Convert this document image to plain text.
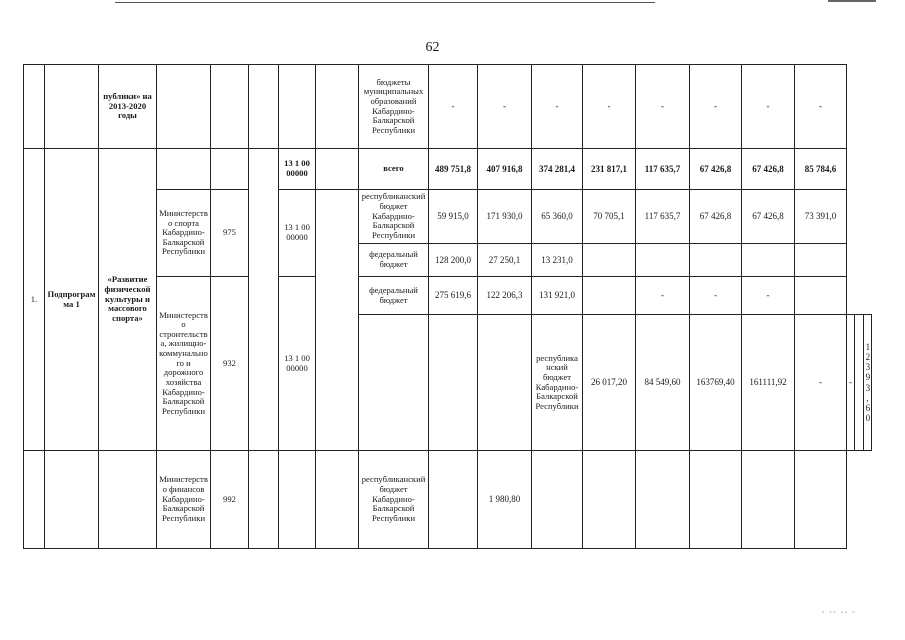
62
		публики» на 2013-2020 годы						бюджеты муниципальных образований Кабардино-Балкарской Республики	-	-	-	-	-	-	-	-			
1.	Подпрограмма 1	«Развитие физической культуры и массового спорта»				13 1 00 00000		всего	489 751,8	407 916,8	374 281,4	231 817,1	117 635,7	67 426,8	67 426,8	85 784,6			
			Министерство спорта Кабардино-Балкарской Республики	975		13 1 00 00000		республиканский бюджет Кабардино-Балкарской Республики	59 915,0	171 930,0	65 360,0	70 705,1	117 635,7	67 426,8	67 426,8	73 391,0			
								федеральный бюджет	128 200,0	27 250,1	13 231,0								
			Министерство строительства, жилищно-коммунального и дорожного хозяйства Кабардино-Балкарской Республики	932		13 1 00 00000		федеральный бюджет	275 619,6	122 206,3	131 921,0		-	-	-				
											республиканский бюджет Кабардино-Балкарской Республики	26 017,20	84 549,60	163769,40	161111,92	-	-		12 393,60
			Министерство финансов Кабардино-Балкарской Республики	992				республиканский бюджет Кабардино-Балкарской Республики		1 980,80									
˘ ˘˘ ˘˘ ˘
